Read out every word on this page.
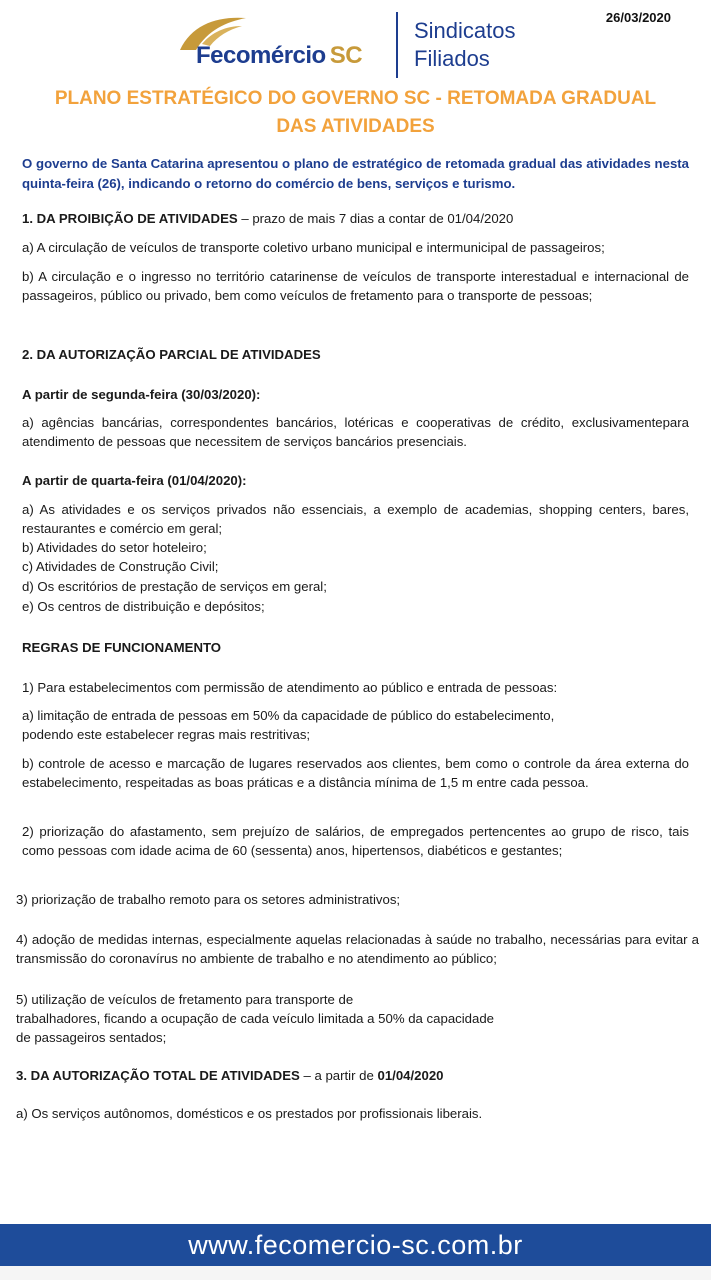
Fecomércio SC
Sindicatos
Filiados
26/03/2020
PLANO ESTRATÉGICO DO GOVERNO SC - RETOMADA GRADUAL DAS ATIVIDADES
O governo de Santa Catarina apresentou o plano de estratégico de retomada gradual das atividades nesta quinta-feira (26), indicando o retorno do comércio de bens, serviços e turismo.
1. DA PROIBIÇÃO DE ATIVIDADES – prazo de mais 7 dias a contar de 01/04/2020
a) A circulação de veículos de transporte coletivo urbano municipal e intermunicipal de passageiros;
b) A circulação e o ingresso no território catarinense de veículos de transporte interestadual e internacional de passageiros, público ou privado, bem como veículos de fretamento para o transporte de pessoas;
2. DA AUTORIZAÇÃO PARCIAL DE ATIVIDADES
A partir de segunda-feira (30/03/2020):
a) agências bancárias, correspondentes bancários, lotéricas e cooperativas de crédito, exclusivamentepara atendimento de pessoas que necessitem de serviços bancários presenciais.
A partir de quarta-feira (01/04/2020):
a) As atividades e os serviços privados não essenciais, a exemplo de academias, shopping centers, bares, restaurantes e comércio em geral;
b) Atividades do setor hoteleiro;
c) Atividades de Construção Civil;
d) Os escritórios de prestação de serviços em geral;
e) Os centros de distribuição e depósitos;
REGRAS DE FUNCIONAMENTO
1) Para estabelecimentos com permissão de atendimento ao público e entrada de pessoas:
a) limitação de entrada de pessoas em 50% da capacidade de público do estabelecimento,
podendo este estabelecer regras mais restritivas;
b) controle de acesso e marcação de lugares reservados aos clientes, bem como o controle da área externa do estabelecimento, respeitadas as boas práticas e a distância mínima de 1,5 m entre cada pessoa.
2) priorização do afastamento, sem prejuízo de salários, de empregados pertencentes ao grupo de risco, tais como pessoas com idade acima de 60 (sessenta) anos, hipertensos, diabéticos e gestantes;
3) priorização de trabalho remoto para os setores administrativos;
4) adoção de medidas internas, especialmente aquelas relacionadas à saúde no trabalho, necessárias para evitar a transmissão do coronavírus no ambiente de trabalho e no atendimento ao público;
5) utilização de veículos de fretamento para transporte de
trabalhadores, ficando a ocupação de cada veículo limitada a 50% da capacidade
de passageiros sentados;
3. DA AUTORIZAÇÃO TOTAL DE ATIVIDADES – a partir de 01/04/2020
a) Os serviços autônomos, domésticos e os prestados por profissionais liberais.
www.fecomercio-sc.com.br
